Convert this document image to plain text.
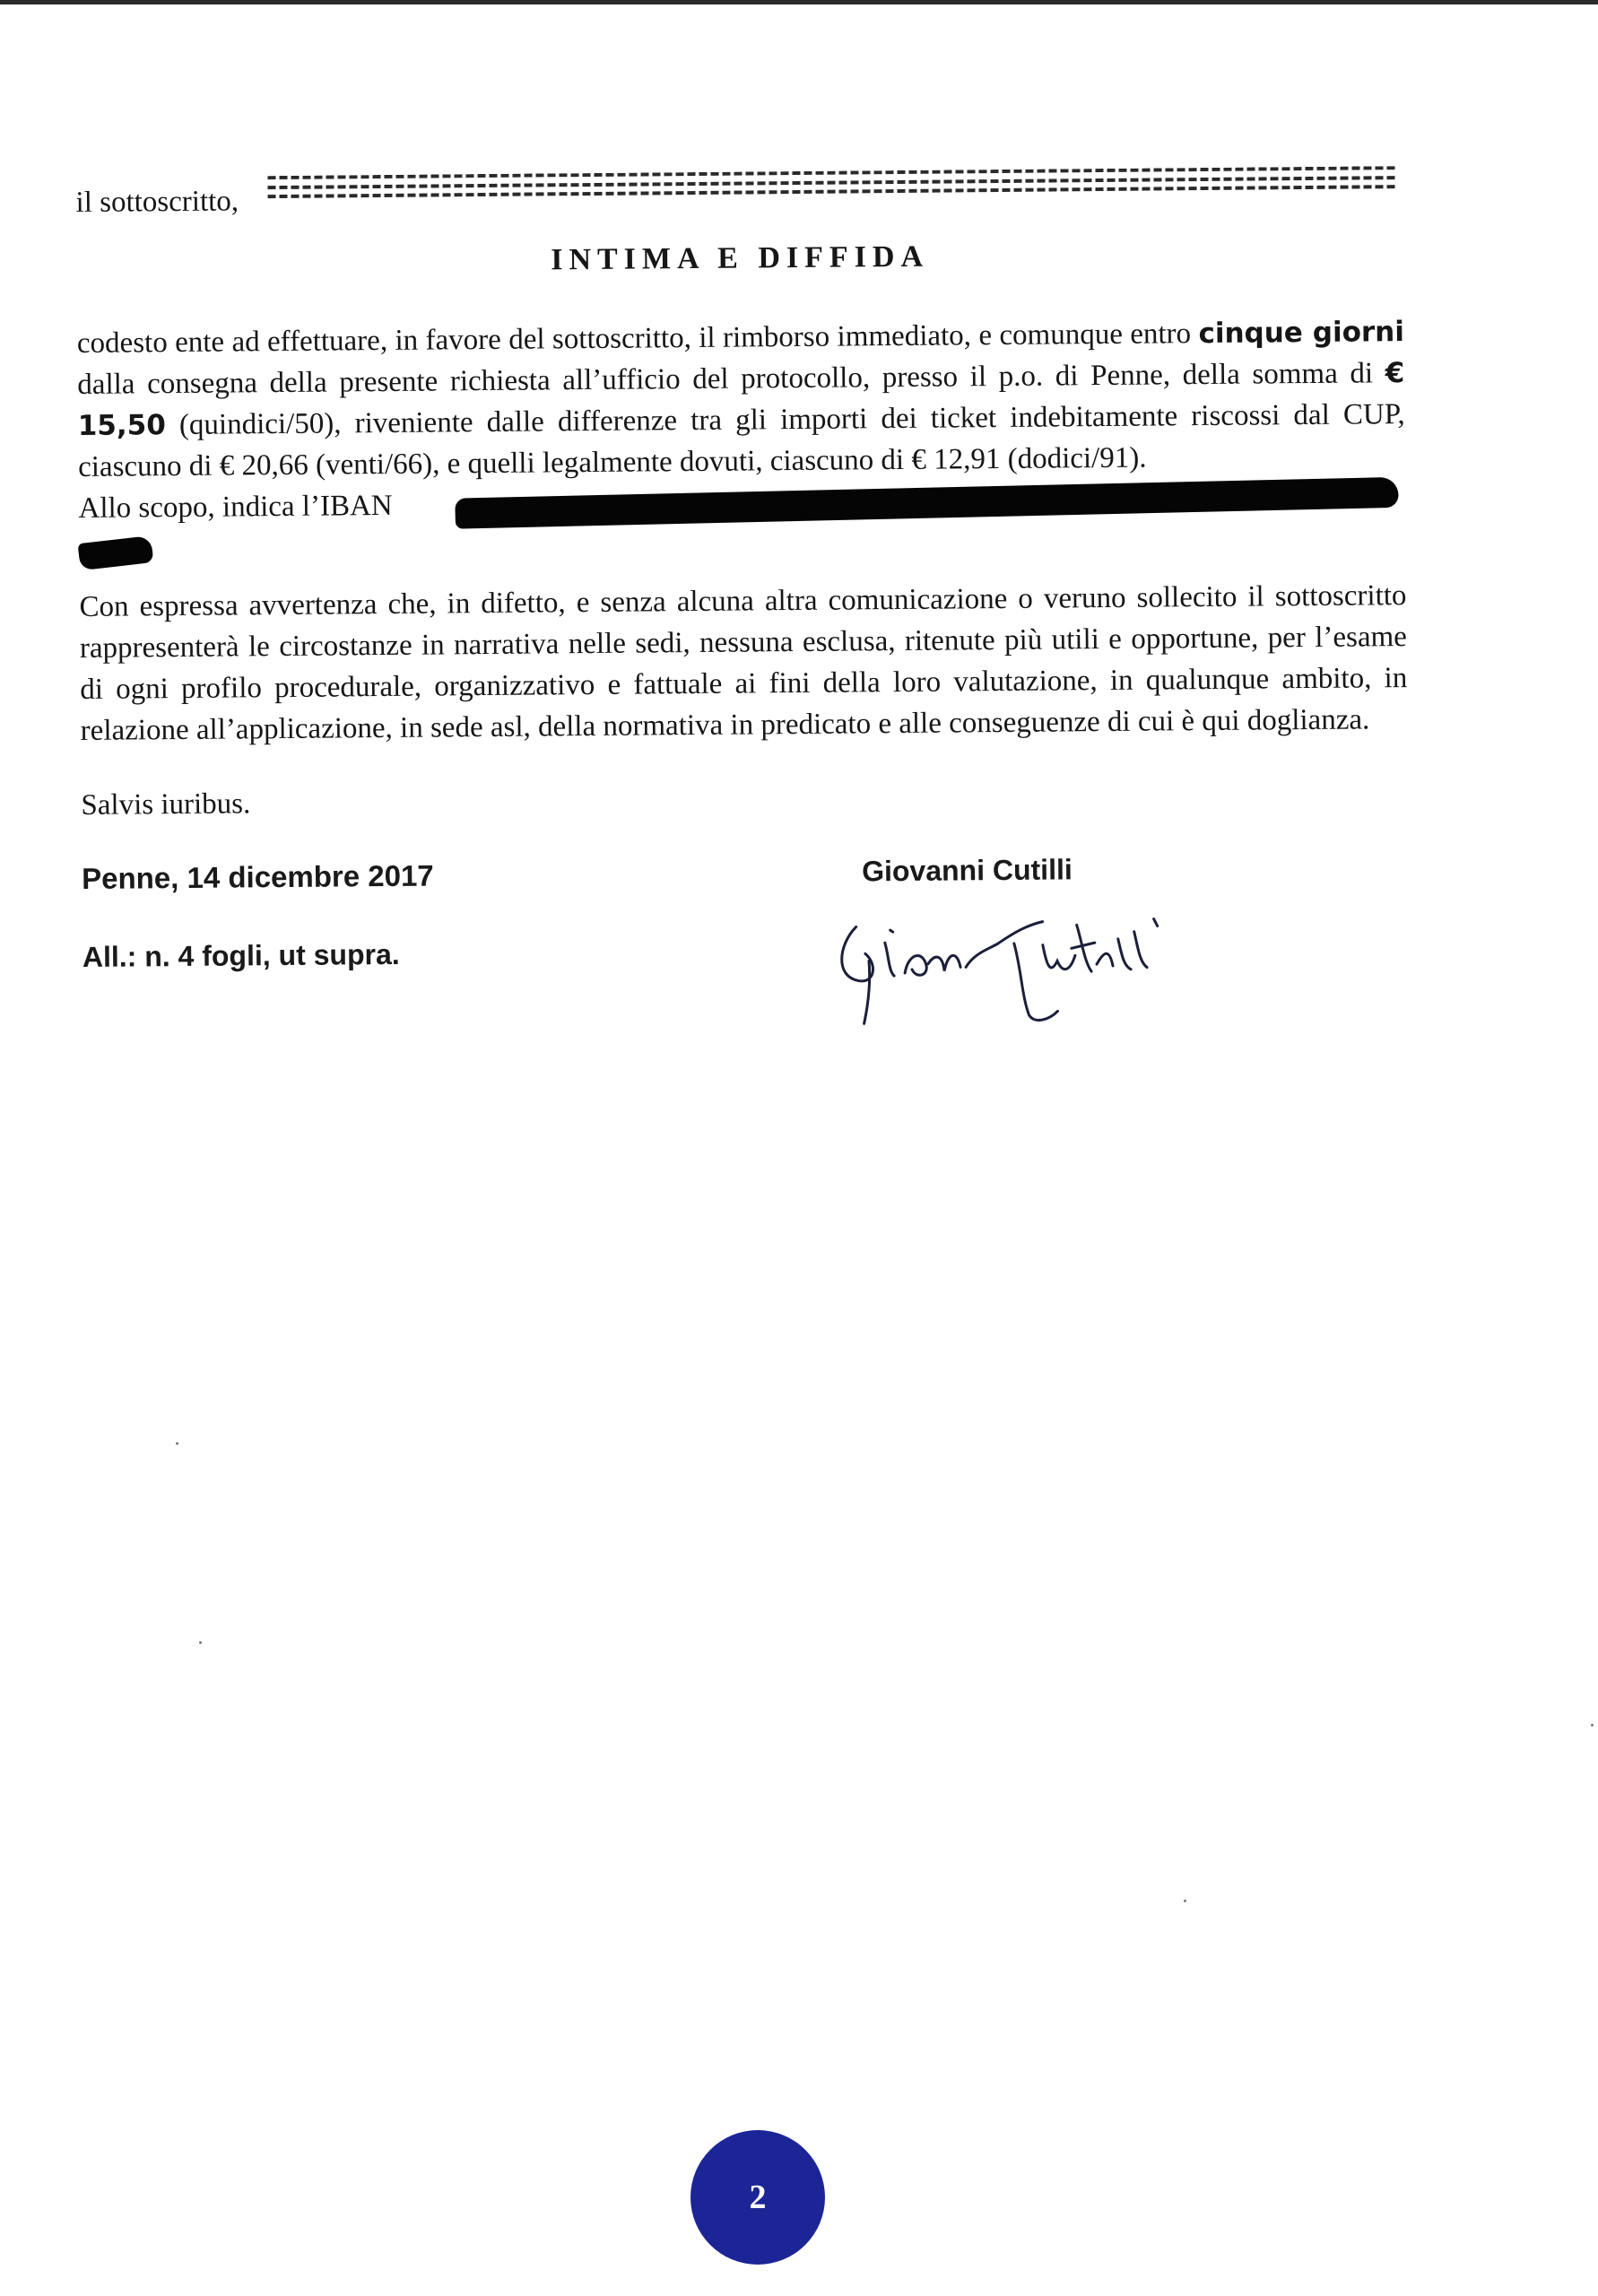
il sottoscritto,
INTIMA E DIFFIDA

codesto ente ad effettuare, in favore del sottoscritto, il rimborso immediato, e comunque entro cinque giorni dalla consegna della presente richiesta all’ufficio del protocollo, presso il p.o. di Penne, della somma di € 15,50 (quindici/50), riveniente dalle differenze tra gli importi dei ticket indebitamente riscossi dal CUP, ciascuno di € 20,66 (venti/66), e quelli legalmente dovuti, ciascuno di € 12,91 (dodici/91).

Allo scopo, indica l’IBAN

Con espressa avvertenza che, in difetto, e senza alcuna altra comunicazione o veruno sollecito il sottoscritto rappresenterà le circostanze in narrativa nelle sedi, nessuna esclusa, ritenute più utili e opportune, per l’esame di ogni profilo procedurale, organizzativo e fattuale ai fini della loro valutazione, in qualunque ambito, in relazione all’applicazione, in sede asl, della normativa in predicato e alle conseguenze di cui è qui doglianza.

Salvis iuribus.
Penne, 14 dicembre 2017
All.: n. 4 fogli, ut supra.
Giovanni Cutilli
2
